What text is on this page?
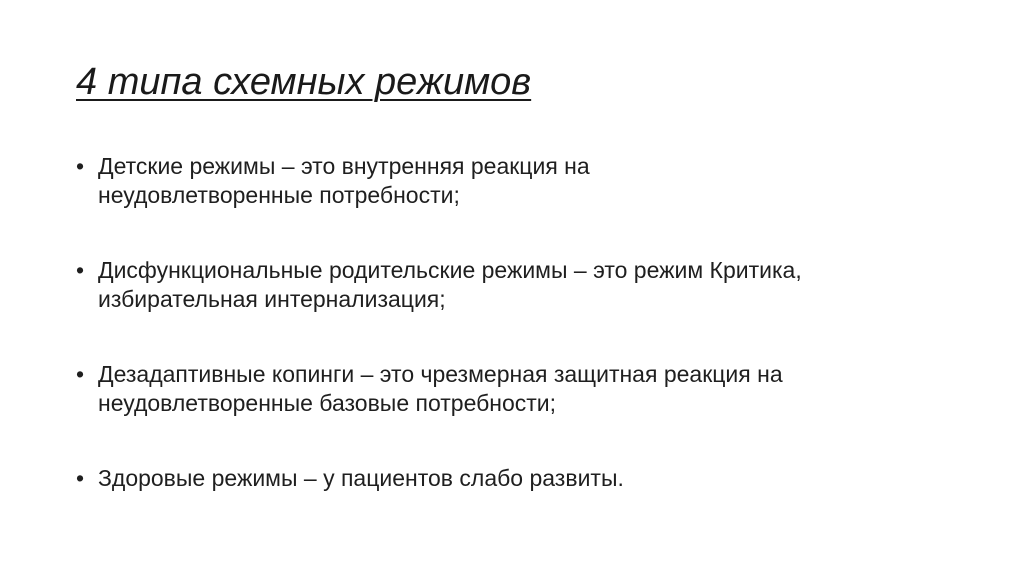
4 типа схемных режимов
• Детские режимы – это внутренняя реакция на
неудовлетворенные потребности;
• Дисфункциональные родительские режимы – это режим Критика,
избирательная интернализация;
• Дезадаптивные копинги – это чрезмерная защитная реакция на
неудовлетворенные базовые потребности;
• Здоровые режимы – у пациентов слабо развиты.
